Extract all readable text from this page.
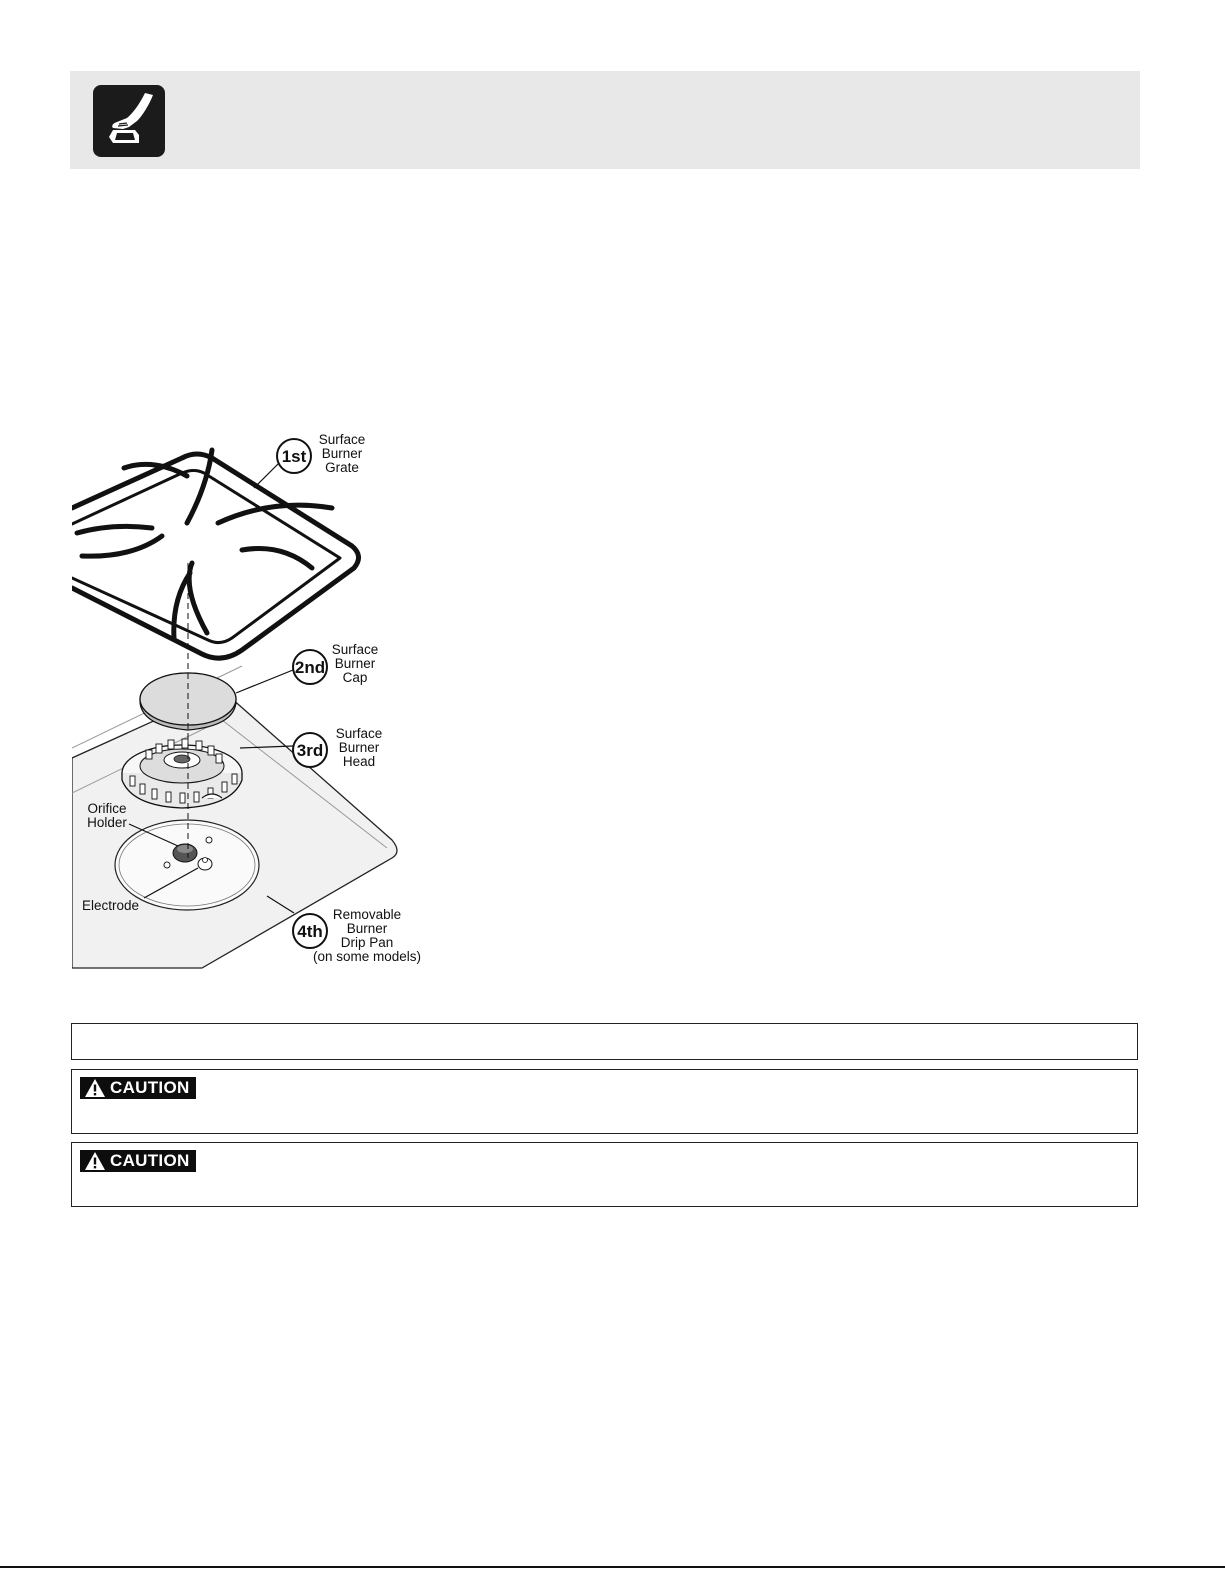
1st
2nd
3rd
4th
Surface
Burner
Grate
Surface
Burner
Cap
Surface
Burner
Head
Removable
Burner
Drip Pan
(on some models)
Orifice
Holder
Electrode
CAUTION
CAUTION
